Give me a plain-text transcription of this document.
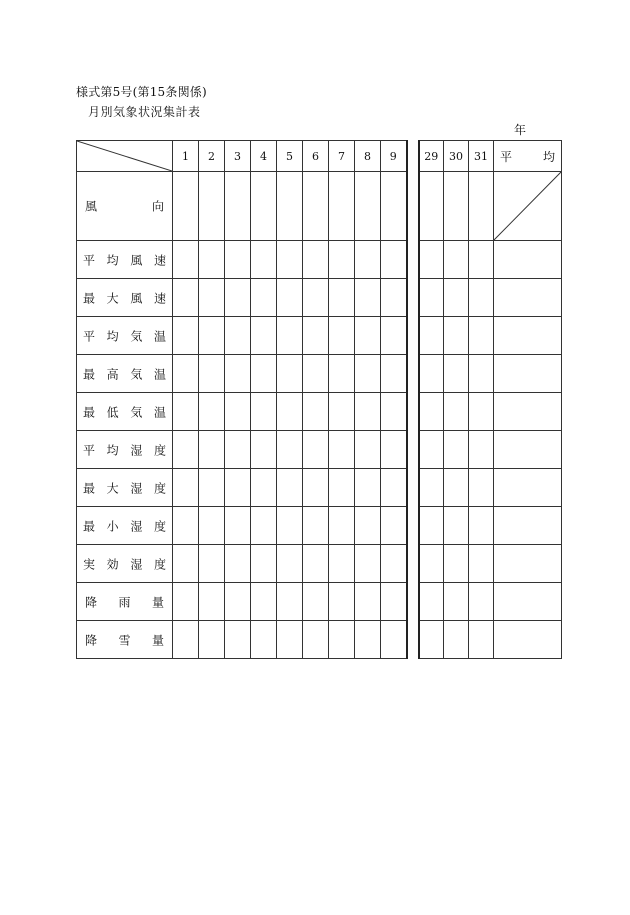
様式第5号(第15条関係)
月別気象状況集計表
年
	1	2	3	4	5	6	7	8	9		29	30	31	平 均

風 向

平 均 風 速														

最 大 風 速														

平 均 気 温														

最 高 気 温														

最 低 気 温														

平 均 湿 度														

最 大 湿 度														

最 小 湿 度														

実 効 湿 度														

降 雨 量														

降 雪 量														
